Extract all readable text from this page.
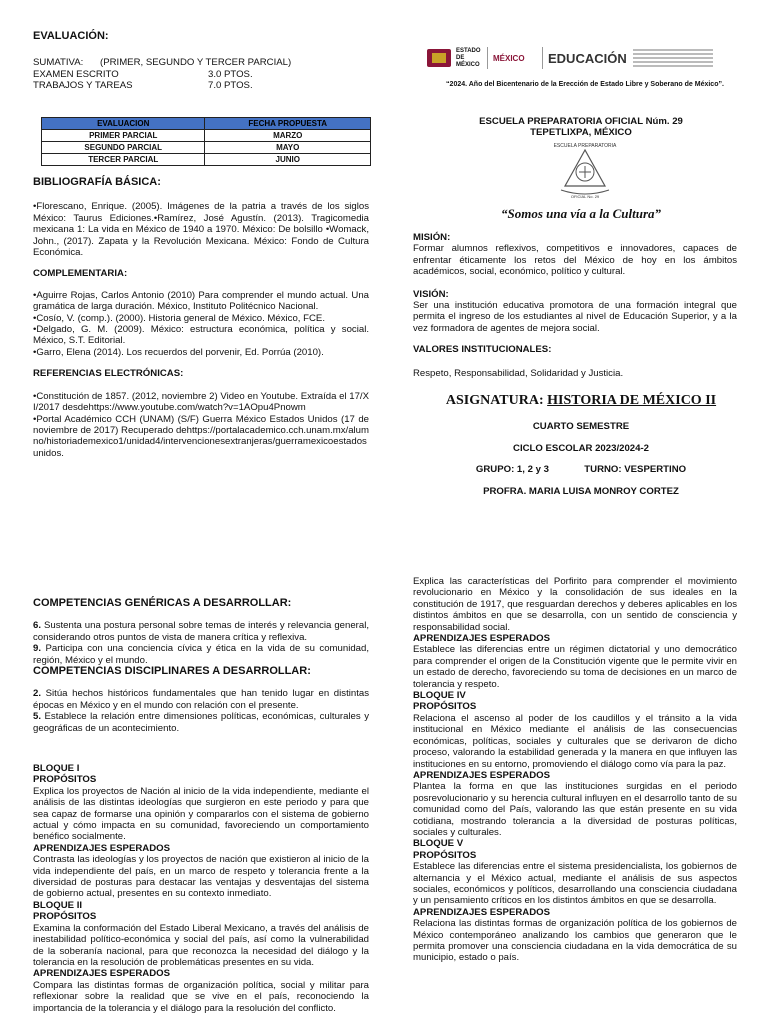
EVALUACIÓN:

SUMATIVA:	(PRIMER, SEGUNDO Y TERCER PARCIAL)
EXAMEN ESCRITO	3.0 PTOS.
TRABAJOS Y TAREAS	7.0 PTOS.
EVALUACION	FECHA PROPUESTA
PRIMER PARCIAL	MARZO
SEGUNDO PARCIAL	MAYO
TERCER PARCIAL	JUNIO

BIBLIOGRAFÍA BÁSICA:

•Florescano, Enrique. (2005). Imágenes de la patria a través de los siglos México: Taurus Ediciones.•Ramírez, José Agustín. (2013). Tragicomedia mexicana 1: La vida en México de 1940 a 1970. México: De bolsillo •Womack, John., (2017). Zapata y la Revolución Mexicana. México: Fondo de Cultura Económica.

COMPLEMENTARIA:

•Aguirre Rojas, Carlos Antonio (2010) Para comprender el mundo actual. Una gramática de larga duración. México, Instituto Politécnico Nacional.

•Cosío, V. (comp.). (2000). Historia general de México. México, FCE.

•Delgado, G. M. (2009). México: estructura económica, política y social. México, S.T. Editorial.

•Garro, Elena (2014). Los recuerdos del porvenir, Ed. Porrúa (2010).

REFERENCIAS ELECTRÓNICAS:

•Constitución de 1857. (2012, noviembre 2) Video en Youtube. Extraída el 17/XI/2017 desdehttps://www.youtube.com/watch?v=1AOpu4Pnowm

•Portal Académico CCH (UNAM) (S/F) Guerra México Estados Unidos (17 de noviembre de 2017) Recuperado dehttps://portalacademico.cch.unam.mx/alumno/historiademexico1/unidad4/intervencionesextranjeras/guerramexicoestadosunidos.

ESTADO DE MÉXICO
MÉXICO	EDUCACIÓN
“2024. Año del Bicentenario de la Erección de Estado Libre y Soberano de México”.

ESCUELA PREPARATORIA OFICIAL Núm. 29

TEPETLIXPA, MÉXICO

ESCUELA PREPARATORIA
OFICIAL No. 29
“Somos una vía a la Cultura”

MISIÓN:

Formar alumnos reflexivos, competitivos e innovadores, capaces de enfrentar éticamente los retos del México de hoy en los ámbitos académicos, social, económico, político y cultural.

VISIÓN:

Ser una institución educativa promotora de una formación integral que permita el ingreso de los estudiantes al nivel de Educación Superior, y a la vez formadora de agentes de mejora social.

VALORES INSTITUCIONALES:

Respeto, Responsabilidad, Solidaridad y Justicia.

ASIGNATURA: HISTORIA DE MÉXICO II

CUARTO SEMESTRE

CICLO ESCOLAR 2023/2024-2

GRUPO: 1, 2 y 3	TURNO: VESPERTINO

PROFRA. MARIA LUISA MONROY CORTEZ

COMPETENCIAS GENÉRICAS A DESARROLLAR:

6. Sustenta una postura personal sobre temas de interés y relevancia general, considerando otros puntos de vista de manera crítica y reflexiva.

9. Participa con una conciencia cívica y ética en la vida de su comunidad, región, México y el mundo.

COMPETENCIAS DISCIPLINARES A DESARROLLAR:

2. Sitúa hechos históricos fundamentales que han tenido lugar en distintas épocas en México y en el mundo con relación con el presente.

5. Establece la relación entre dimensiones políticas, económicas, culturales y geográficas de un acontecimiento.

BLOQUE I

PROPÓSITOS

Explica los proyectos de Nación al inicio de la vida independiente, mediante el análisis de las distintas ideologías que surgieron en este periodo y para que sea capaz de formarse una opinión y compararlos con el sistema de gobierno actual y cómo impacta en su comunidad, favoreciendo un comportamiento benéfico socialmente.

APRENDIZAJES ESPERADOS

Contrasta las ideologías y los proyectos de nación que existieron al inicio de la vida independiente del país, en un marco de respeto y tolerancia frente a la diversidad de posturas para destacar las ventajas y desventajas del sistema de gobierno actual, presentes en su contexto inmediato.

BLOQUE II

PROPÓSITOS

Examina la conformación del Estado Liberal Mexicano, a través del análisis de inestabilidad político-económica y social del país, así como la vulnerabilidad de la soberanía nacional, para que reconozca la necesidad del diálogo y la tolerancia en la resolución de problemáticas presentes en su vida.

APRENDIZAJES ESPERADOS

Compara las distintas formas de organización política, social y militar para reflexionar sobre la realidad que se vive en el país, reconociendo la importancia de la tolerancia y el diálogo para la resolución del conflicto.

Explica las características del Porfirito para comprender el movimiento revolucionario en México y la consolidación de sus ideales en la constitución de 1917, que resguardan derechos y deberes aplicables en los distintos ámbitos en que se desarrolla, con un sentido de consciencia y responsabilidad social.

APRENDIZAJES ESPERADOS

Establece las diferencias entre un régimen dictatorial y uno democrático para comprender el origen de la Constitución vigente que le permite vivir en un estado de derecho, favoreciendo su toma de decisiones en un marco de tolerancia y respeto.

BLOQUE IV

PROPÓSITOS

Relaciona el ascenso al poder de los caudillos y el tránsito a la vida institucional en México mediante el análisis de las consecuencias económicas, políticas, sociales y culturales que se derivaron de dicho proceso, valorando la estabilidad generada y la manera en que influyen las instituciones en su entorno, promoviendo el diálogo como vía para la paz.

APRENDIZAJES ESPERADOS

Plantea la forma en que las instituciones surgidas en el periodo posrevolucionario y su herencia cultural influyen en el desarrollo tanto de su comunidad como del País, valorando las que están presente en su vida cotidiana, mostrando tolerancia a la diversidad de posturas políticas, sociales y culturales.

BLOQUE V

PROPÓSITOS

Establece las diferencias entre el sistema presidencialista, los gobiernos de alternancia y el México actual, mediante el análisis de sus aspectos sociales, económicos y políticos, desarrollando una consciencia ciudadana y un pensamiento críticos en los distintos ámbitos en que se desarrolla.

APRENDIZAJES ESPERADOS

Relaciona las distintas formas de organización política de los gobiernos de México contemporáneo analizando los cambios que generaron que le permita promover una consciencia ciudadana en la vida democrática de su municipio, estado o país.
